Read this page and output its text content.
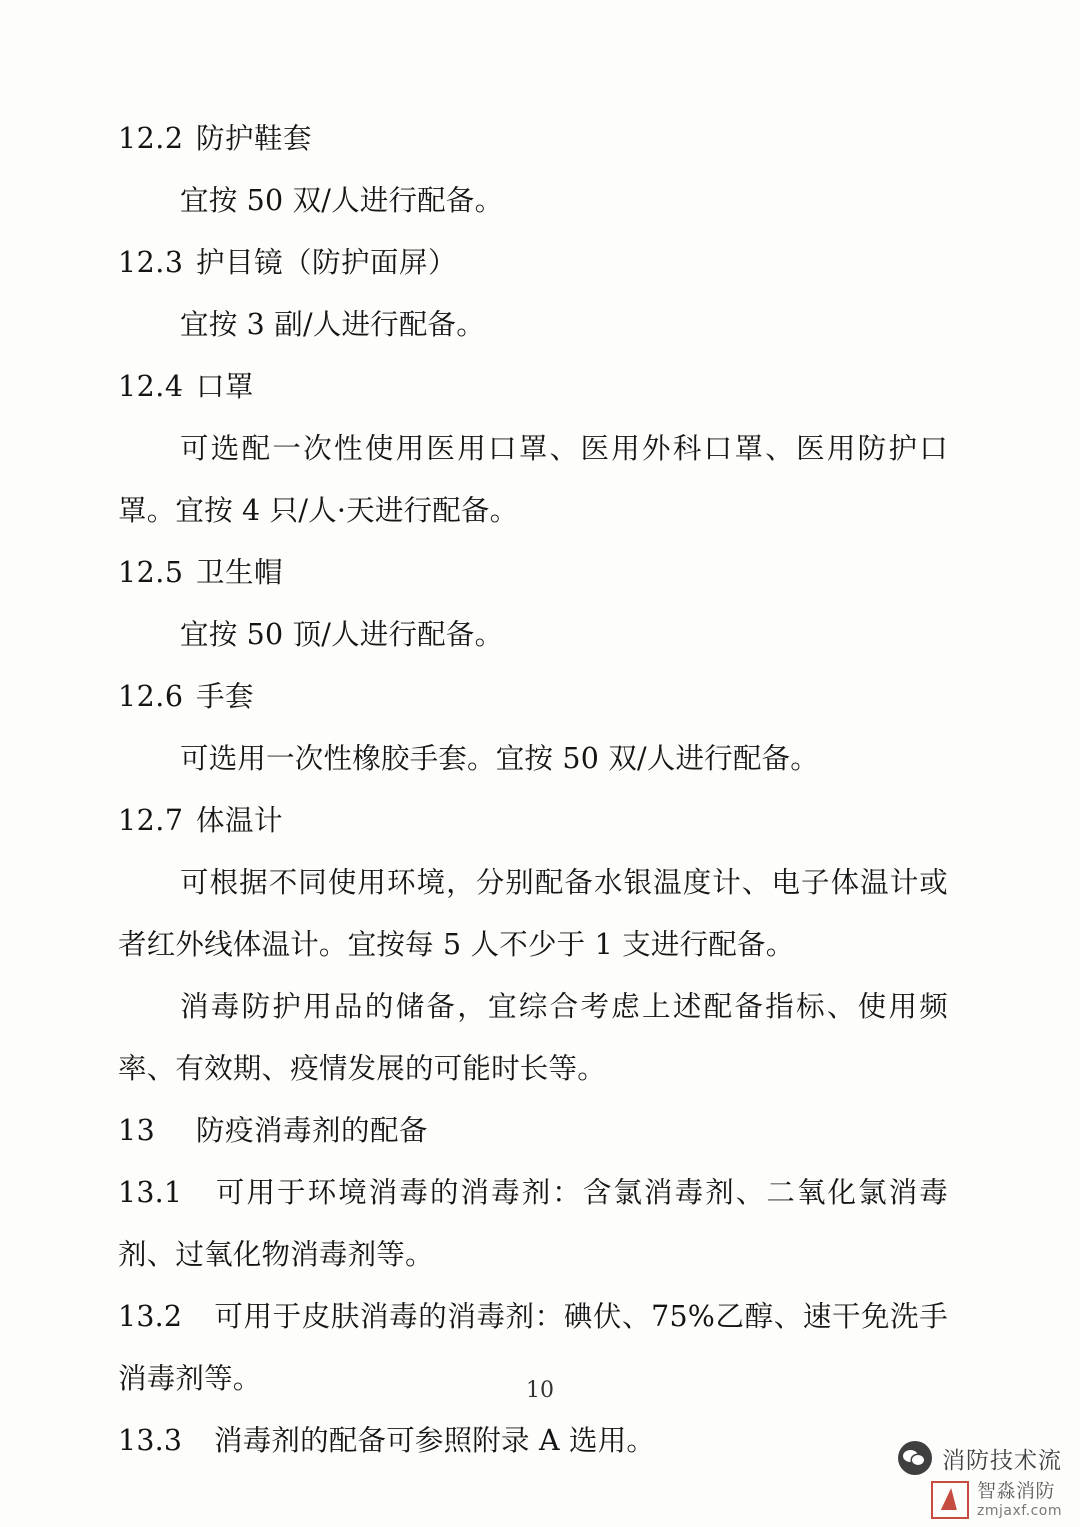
12.2 防护鞋套
宜按 50 双/人进行配备。
12.3 护目镜（防护面屏）
宜按 3 副/人进行配备。
12.4 口罩
可选配一次性使用医用口罩、医用外科口罩、医用防护口罩。宜按 4 只/人·天进行配备。
12.5 卫生帽
宜按 50 顶/人进行配备。
12.6 手套
可选用一次性橡胶手套。宜按 50 双/人进行配备。
12.7 体温计
可根据不同使用环境，分别配备水银温度计、电子体温计或者红外线体温计。宜按每 5 人不少于 1 支进行配备。
消毒防护用品的储备，宜综合考虑上述配备指标、使用频率、有效期、疫情发展的可能时长等。
13 防疫消毒剂的配备
13.1 可用于环境消毒的消毒剂：含氯消毒剂、二氧化氯消毒剂、过氧化物消毒剂等。
13.2 可用于皮肤消毒的消毒剂：碘伏、75%乙醇、速干免洗手消毒剂等。
13.3 消毒剂的配备可参照附录 A 选用。
10
消防技术流
智淼消防
zmjaxf.com
